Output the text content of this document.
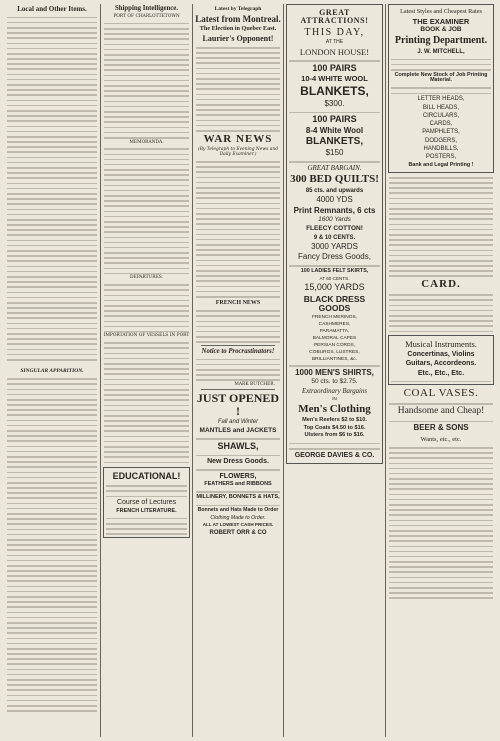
Local and Other Items.
SINGULAR APPARITION.
Shipping Intelligence.
PORT OF CHARLOTTETOWN
MEMORANDA.
DEPARTURES.
IMPORTATION OF VESSELS IN PORT
EDUCATIONAL!
Course of Lectures
FRENCH LITERATURE.
Latest by Telegraph
Latest from Montreal.
The Election in Quebec East.
Laurier's Opponent!
WAR NEWS
(By Telegraph to Evening News and Daily Examiner.)
FRENCH NEWS
Notice to Procrastinators!
MARK BUTCHER.
JUST OPENED !
Fall and Winter
MANTLES and JACKETS
SHAWLS,
New Dress Goods.
FLOWERS,
FEATHERS and RIBBONS
MILLINERY, BONNETS & HATS,
Bonnets and Hats Made to Order
Clothing Made to Order.
ALL AT LOWEST CASH PRICES.
ROBERT ORR & CO
GREAT ATTRACTIONS!
THIS DAY,
AT THE
LONDON HOUSE!
100 PAIRS
10-4 WHITE WOOL
BLANKETS,
$300.
100 PAIRS
8-4 White Wool
BLANKETS,
$150
GREAT BARGAIN.
300 BED QUILTS!
85 cts. and upwards
4000 YDS
Print Remnants, 6 cts
1600 Yards
FLEECY COTTON!
9 & 10 CENTS.
3000 YARDS
Fancy Dress Goods,
100 LADIES FELT SKIRTS,
AT 60 CENTS.
15,000 YARDS
BLACK DRESS GOODS
FRENCH MERINOS,
CASHMERES,
PARAMATTA,
BALMORAL CAPES
PERSIAN CORDS,
COBURGS, LUSTRES,
BRILLIANTINES, &c.
1000 MEN'S SHIRTS,
50 cts. to $2.75.
Extraordinary Bargains
IN
Men's Clothing
Men's Reefers $2 to $10.
Top Coats $4.50 to $16.
Ulsters from $6 to $16.
GEORGE DAVIES & CO.
Latest Styles and Cheapest Rates
THE EXAMINER
BOOK & JOB
Printing Department.
J. W. MITCHELL,
Complete New Stock of Job Printing Material.
LETTER HEADS,
BILL HEADS,
CIRCULARS,
CARDS,
PAMPHLETS,
DODGERS,
HANDBILLS,
POSTERS,
Bank and Legal Printing !
CARD.
Musical Instruments.
Concertinas, Violins
Guitars, Accordeons.
Etc., Etc., Etc.
COAL VASES.
Handsome and Cheap!
BEER & SONS
Wants, etc., etc.
